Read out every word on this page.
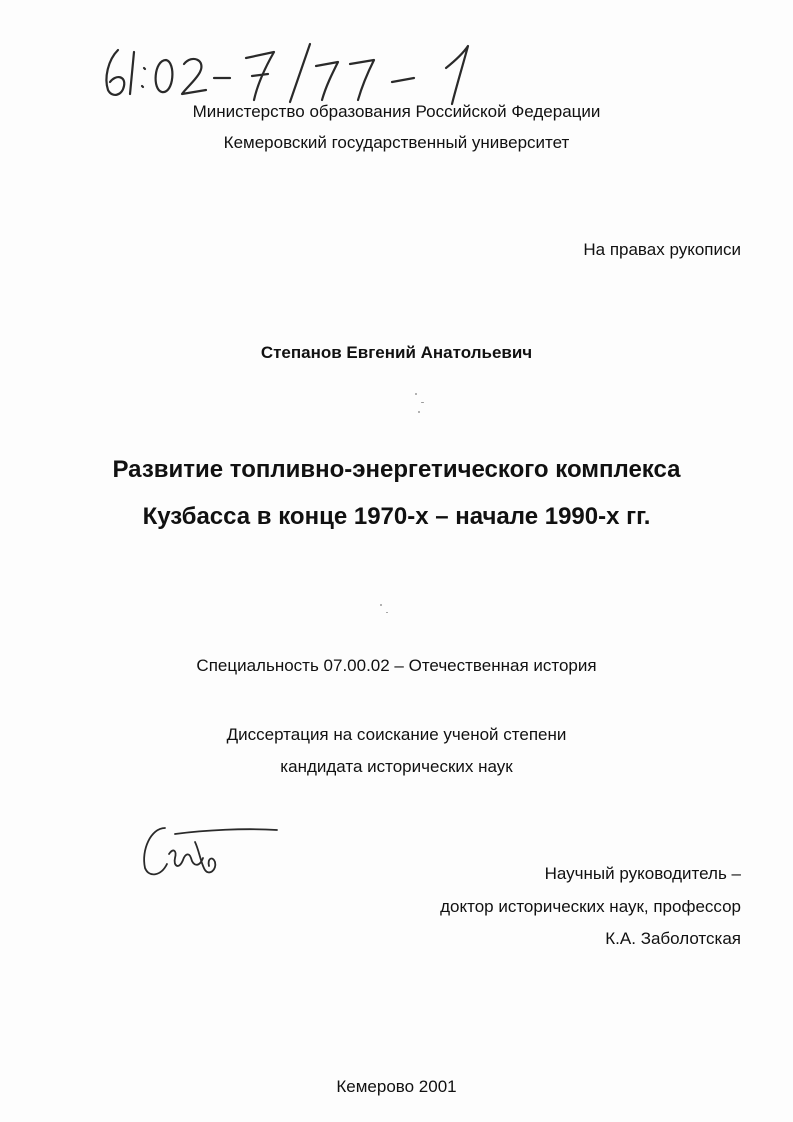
Министерство образования Российской Федерации
Кемеровский государственный университет
На правах рукописи
Степанов Евгений Анатольевич
Развитие топливно-энергетического комплекса
Кузбасса в конце 1970-х – начале 1990-х гг.
Специальность 07.00.02 – Отечественная история
Диссертация на соискание ученой степени
кандидата исторических наук
Научный руководитель –
доктор исторических наук, профессор
К.А. Заболотская
Кемерово 2001
